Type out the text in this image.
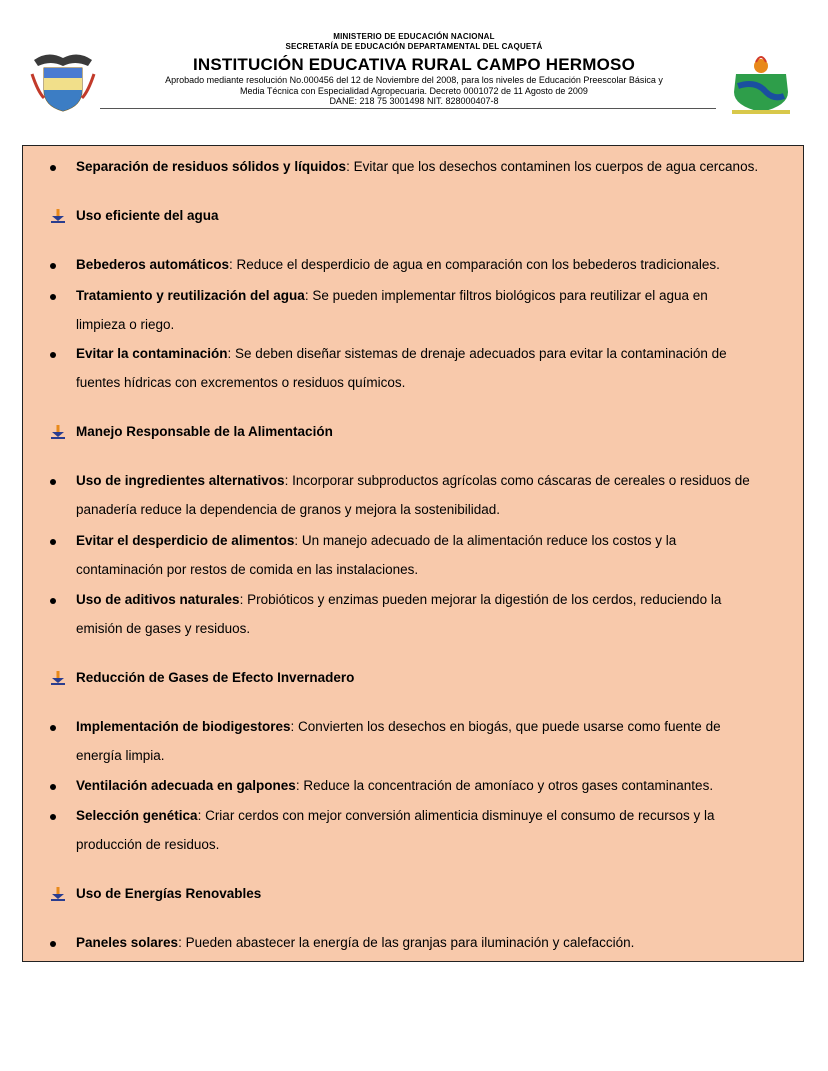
MINISTERIO DE EDUCACIÓN NACIONAL
SECRETARÍA DE EDUCACIÓN DEPARTAMENTAL DEL CAQUETÁ
INSTITUCIÓN EDUCATIVA RURAL CAMPO HERMOSO
Aprobado mediante resolución No.000456 del 12 de Noviembre del 2008, para los niveles de Educación Preescolar Básica y
Media Técnica con Especialidad Agropecuaria. Decreto 0001072 de 11 Agosto de 2009
DANE: 218 75 3001498 NIT. 828000407-8
Separación de residuos sólidos y líquidos: Evitar que los desechos contaminen los cuerpos de agua cercanos.
Uso eficiente del agua
Bebederos automáticos: Reduce el desperdicio de agua en comparación con los bebederos tradicionales.
Tratamiento y reutilización del agua: Se pueden implementar filtros biológicos para reutilizar el agua en
limpieza o riego.
Evitar la contaminación: Se deben diseñar sistemas de drenaje adecuados para evitar la contaminación de
fuentes hídricas con excrementos o residuos químicos.
Manejo Responsable de la Alimentación
Uso de ingredientes alternativos: Incorporar subproductos agrícolas como cáscaras de cereales o residuos de
panadería reduce la dependencia de granos y mejora la sostenibilidad.
Evitar el desperdicio de alimentos: Un manejo adecuado de la alimentación reduce los costos y la
contaminación por restos de comida en las instalaciones.
Uso de aditivos naturales: Probióticos y enzimas pueden mejorar la digestión de los cerdos, reduciendo la
emisión de gases y residuos.
Reducción de Gases de Efecto Invernadero
Implementación de biodigestores: Convierten los desechos en biogás, que puede usarse como fuente de
energía limpia.
Ventilación adecuada en galpones: Reduce la concentración de amoníaco y otros gases contaminantes.
Selección genética: Criar cerdos con mejor conversión alimenticia disminuye el consumo de recursos y la
producción de residuos.
Uso de Energías Renovables
Paneles solares: Pueden abastecer la energía de las granjas para iluminación y calefacción.
